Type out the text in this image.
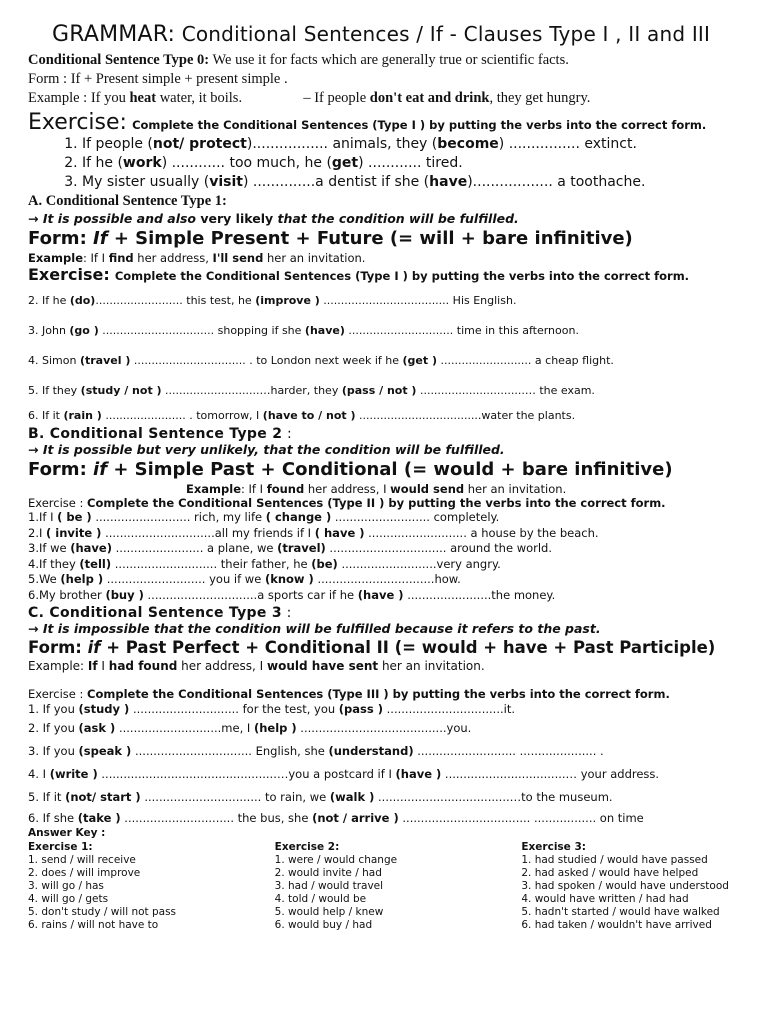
GRAMMAR: Conditional Sentences / If - Clauses Type I , II and III
Conditional Sentence Type 0: We use it for facts which are generally true or scientific facts.
Form : If + Present simple + present simple .
Example : If you heat water, it boils.	– If people don't eat and drink, they get hungry.
Exercise: Complete the Conditional Sentences (Type I ) by putting the verbs into the correct form.
1. If people (not/ protect)................. animals, they (become) ................ extinct.
2. If he (work) ............ too much, he (get) ............ tired.
3. My sister usually (visit) ..............a dentist if she (have).................. a toothache.
A. Conditional Sentence Type 1:
→ It is possible and also very likely that the condition will be fulfilled.
Form: If + Simple Present + Future (= will + bare infinitive)
Example: If I find her address, I'll send her an invitation.
Exercise: Complete the Conditional Sentences (Type I ) by putting the verbs into the correct form.
2. If he (do)......................... this test, he (improve ) .................................... His English.
3. John (go ) ................................ shopping if she (have) .............................. time in this afternoon.
4. Simon (travel ) ................................ . to London next week if he (get ) .......................... a cheap flight.
5. If they (study / not ) ...........................…harder, they (pass / not ) ..............................… the exam.
6. If it (rain ) ....................... . tomorrow, I (have to / not ) ...................................water the plants.
B. Conditional Sentence Type 2 :
→ It is possible but very unlikely, that the condition will be fulfilled.
Form: if + Simple Past + Conditional (= would + bare infinitive)
Example: If I found her address, I would send her an invitation.
Exercise : Complete the Conditional Sentences (Type II ) by putting the verbs into the correct form.
1.If I ( be ) .......................... rich, my life ( change ) .......................... completely.
2.I ( invite ) ..............................all my friends if I ( have ) ........................... a house by the beach.
3.If we (have) ........................ a plane, we (travel) ................................ around the world.
4.If they (tell) ............................ their father, he (be) ..........................very angry.
5.We (help ) ........................... you if we (know ) ................................how.
6.My brother (buy ) ..............................a sports car if he (have ) .......................the money.
C. Conditional Sentence Type 3 :
→ It is impossible that the condition will be fulfilled because it refers to the past.
Form: if + Past Perfect + Conditional II (= would + have + Past Participle)
Example: If I had found her address, I would have sent her an invitation.
Exercise : Complete the Conditional Sentences (Type III ) by putting the verbs into the correct form.
1. If you (study ) ............................. for the test, you (pass ) ................................it.
2. If you (ask ) ............................me, I (help ) ........................................you.
3. If you (speak ) ................................ English, she (understand) ........................... ..................... .
4. I (write ) ................................................…you a postcard if I (have ) .................................… your address.
5. If it (not/ start ) ................................ to rain, we (walk ) ....................................…to the museum.
6. If she (take ) .............................. the bus, she (not / arrive ) ................................... ................. on time
Answer Key :
Exercise 1:
1. send / will receive
2. does / will improve
3. will go / has
4. will go / gets
5. don't study / will not pass
6. rains / will not have to
Exercise 2:
1. were / would change
2. would invite / had
3. had / would travel
4. told / would be
5. would help / knew
6. would buy / had
Exercise 3:
1. had studied / would have passed
2. had asked / would have helped
3. had spoken / would have understood
4. would have written / had had
5. hadn't started / would have walked
6. had taken / wouldn't have arrived
